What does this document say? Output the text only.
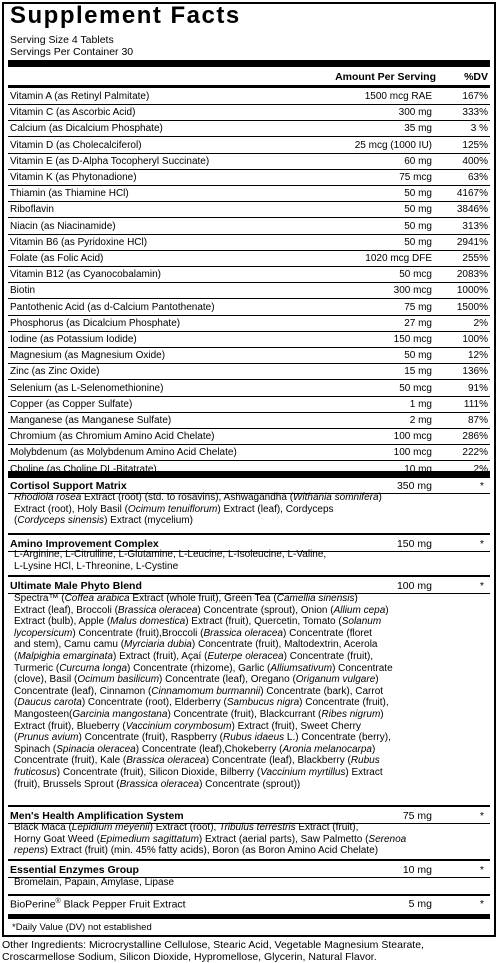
Supplement Facts
Serving Size 4 Tablets
Servings Per Container 30
Amount Per Serving	%DV
Vitamin A (as Retinyl Palmitate)	1500 mcg RAE	167%
Vitamin C (as Ascorbic Acid)	300 mg	333%
Calcium (as Dicalcium Phosphate)	35 mg	3 %
Vitamin D (as Cholecalciferol)	25 mcg (1000 IU)	125%
Vitamin E (as D-Alpha Tocopheryl Succinate)	60 mg	400%
Vitamin K (as Phytonadione)	75 mcg	63%
Thiamin (as Thiamine HCl)	50 mg 4167%
Riboflavin	50 mg 3846%
Niacin (as Niacinamide)	50 mg	313%
Vitamin B6 (as Pyridoxine HCl)	50 mg 2941%
Folate (as Folic Acid)	1020 mcg DFE	255%
Vitamin B12 (as Cyanocobalamin)	50 mcg 2083%
Biotin	300 mcg 1000%
Pantothenic Acid (as d-Calcium Pantothenate)	75 mg 1500%
Phosphorus (as Dicalcium Phosphate)	27 mg	2%
Iodine (as Potassium Iodide)	150 mcg	100%
Magnesium (as Magnesium Oxide)	50 mg	12%
Zinc (as Zinc Oxide)	15 mg	136%
Selenium (as L-Selenomethionine)	50 mcg	91%
Copper (as Copper Sulfate)	1 mg	111%
Manganese (as Manganese Sulfate)	2 mg	87%
Chromium (as Chromium Amino Acid Chelate)	100 mcg	286%
Molybdenum (as Molybdenum Amino Acid Chelate)	100 mcg	222%
Choline (as Choline DL-Bitatrate)	10 mg	2%
Cortisol Support Matrix	350 mg	*
Rhodiola rosea Extract (root) (std. to rosavins), Ashwagandha (Withania somnifera)
Extract (root), Holy Basil (Ocimum tenuiflorum) Extract (leaf), Cordyceps
(Cordyceps sinensis) Extract (mycelium)
Amino Improvement Complex	150 mg	*
L-Arginine, L-Citrulline, L-Glutamine, L-Leucine, L-Isoleucine, L-Valine,
L-Lysine HCl, L-Threonine, L-Cystine
Ultimate Male Phyto Blend	100 mg	*
Spectra™ (Coffea arabica Extract (whole fruit), Green Tea (Camellia sinensis)
Extract (leaf), Broccoli (Brassica oleracea) Concentrate (sprout), Onion (Allium cepa)
Extract (bulb), Apple (Malus domestica) Extract (fruit), Quercetin, Tomato (Solanum
lycopersicum) Concentrate (fruit),Broccoli (Brassica oleracea) Concentrate (floret
and stem), Camu camu (Myrciaria dubia) Concentrate (fruit), Maltodextrin, Acerola
(Malpighia emarginata) Extract (fruit), Açaí (Euterpe oleracea) Concentrate (fruit),
Turmeric (Curcuma longa) Concentrate (rhizome), Garlic (Alliumsativum) Concentrate
(clove), Basil (Ocimum basilicum) Concentrate (leaf), Oregano (Origanum vulgare)
Concentrate (leaf), Cinnamon (Cinnamomum burmannii) Concentrate (bark), Carrot
(Daucus carota) Concentrate (root), Elderberry (Sambucus nigra) Concentrate (fruit),
Mangosteen(Garcinia mangostana) Concentrate (fruit), Blackcurrant (Ribes nigrum)
Extract (fruit), Blueberry (Vaccinium corymbosum) Extract (fruit), Sweet Cherry
(Prunus avium) Concentrate (fruit), Raspberry (Rubus idaeus L.) Concentrate (berry),
Spinach (Spinacia oleracea) Concentrate (leaf),Chokeberry (Aronia melanocarpa)
Concentrate (fruit), Kale (Brassica oleracea) Concentrate (leaf), Blackberry (Rubus
fruticosus) Concentrate (fruit), Silicon Dioxide, Bilberry (Vaccinium myrtillus) Extract
(fruit), Brussels Sprout (Brassica oleracea) Concentrate (sprout))
Men's Health Amplification System	75 mg	*
Black Maca (Lepidium meyenii) Extract (root), Tribulus terrestris Extract (fruit),
Horny Goat Weed (Epimedium sagittatum) Extract (aerial parts), Saw Palmetto (Serenoa
repens) Extract (fruit) (min. 45% fatty acids), Boron (as Boron Amino Acid Chelate)
Essential Enzymes Group	10 mg	*
Bromelain, Papain, Amylase, Lipase
BioPerine® Black Pepper Fruit Extract	5 mg	*
*Daily Value (DV) not established
Other Ingredients: Microcrystalline Cellulose, Stearic Acid, Vegetable Magnesium Stearate, Croscarmellose Sodium, Silicon Dioxide, Hypromellose, Glycerin, Natural Flavor.
